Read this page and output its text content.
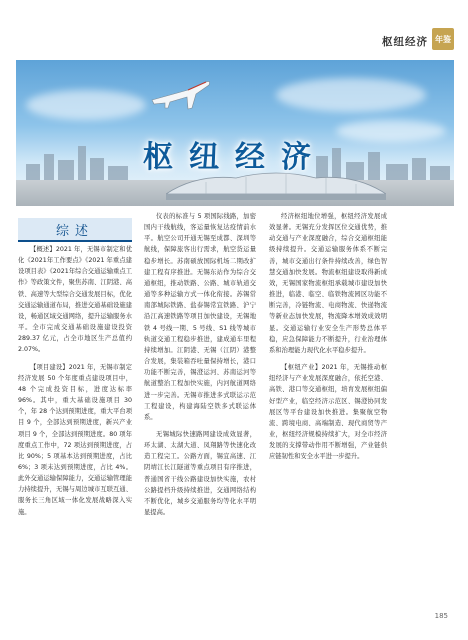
枢纽经济 年鉴
枢纽经济
综述

【概述】2021 年，无锡市制定和优化《2021年工作要点》《2021 年重点建设项目表》《2021年综合交通运输重点工作》等政策文件，聚焦苏南、江阴港、高铁、高速等大型综合交通发展目标，优化交通运输通道布局，推进交通基础设施建设，畅通区域交通网络，提升运输服务水平。全市完成交通基础设施建设投资 289.37 亿元，占全市地区生产总值约 2.07%。

【项目建设】2021 年，无锡市制定经济发展 50 个年度重点建设项目中，48 个完成投资目标，进度达标率 96%。其中，重大基础设施项目 30 个，年 28 个达到预期进度，重大平台项目 9 个，全部达到预期进度，新兴产业项目 9 个，全部达到预期进度。80 项年度重点工作中，72 项达到预期进度，占比 90%；5 项基本达到预期进度，占比 6%；3 项未达到预期进度，占比 4%。此外交通运输保障能力，交通运输管理能力持续提升，无锡与周边城市互联互通、服务长三角区域一体化发展战略深入实施。

仪表的标准与 5 项国际线路，加密国内干线航线，客运量恢复达疫情前水平。航空公司开通无锡至成都、深圳等航线，保障旅客出行需求，航空货运量稳步增长。苏南硕放国际机场二期改扩建工程有序推进。无锡东站作为综合交通枢纽，推动铁路、公路、城市轨道交通等多种运输方式一体化衔接。苏锡常南部城际铁路、盐泰锡常宜铁路、沪宁沿江高速铁路等项目加快建设，无锡地铁 4 号线一期、5 号线、S1 线等城市轨道交通工程稳步推进，建成通车里程持续增加。江阴港、无锡（江阴）港整合发展，集装箱吞吐量保持增长，港口功能不断完善，锡澄运河、苏南运河等航道整治工程加快实施，内河航道网络进一步完善。无锡市推进多式联运示范工程建设，构建海陆空铁多式联运体系。

无锡城际快速路网建设成效显著，环太湖、太湖大道、凤翔路等快速化改造工程完工。公路方面，锡宜高速、江阴靖江长江隧道等重点项目有序推进，普通国省干线公路建设加快实施，农村公路提档升级持续推进，交通网络结构不断优化，城乡交通服务均等化水平明显提高。

经济枢纽地位增强，枢纽经济发展成效显著。无锡充分发挥区位交通优势，推动交通与产业深度融合，综合交通枢纽能级持续提升。交通运输服务体系不断完善，城市交通出行条件持续改善，绿色智慧交通加快发展。物流枢纽建设取得新成效，无锡国家物流枢纽承载城市建设加快推进，临港、临空、临铁物流园区功能不断完善，冷链物流、电商物流、快递物流等新业态加快发展，物流降本增效成效明显。交通运输行业安全生产形势总体平稳，应急保障能力不断提升，行业治理体系和治理能力现代化水平稳步提升。

【枢纽产业】2021 年，无锡推动枢纽经济与产业发展深度融合，依托空港、高铁、港口等交通枢纽，培育发展枢纽偏好型产业，临空经济示范区、锡澄协同发展区等平台建设加快推进。集聚航空物流、跨境电商、高端制造、现代商贸等产业，枢纽经济规模持续扩大，对全市经济发展的支撑带动作用不断增强，产业链供应链韧性和安全水平进一步提升。

185
